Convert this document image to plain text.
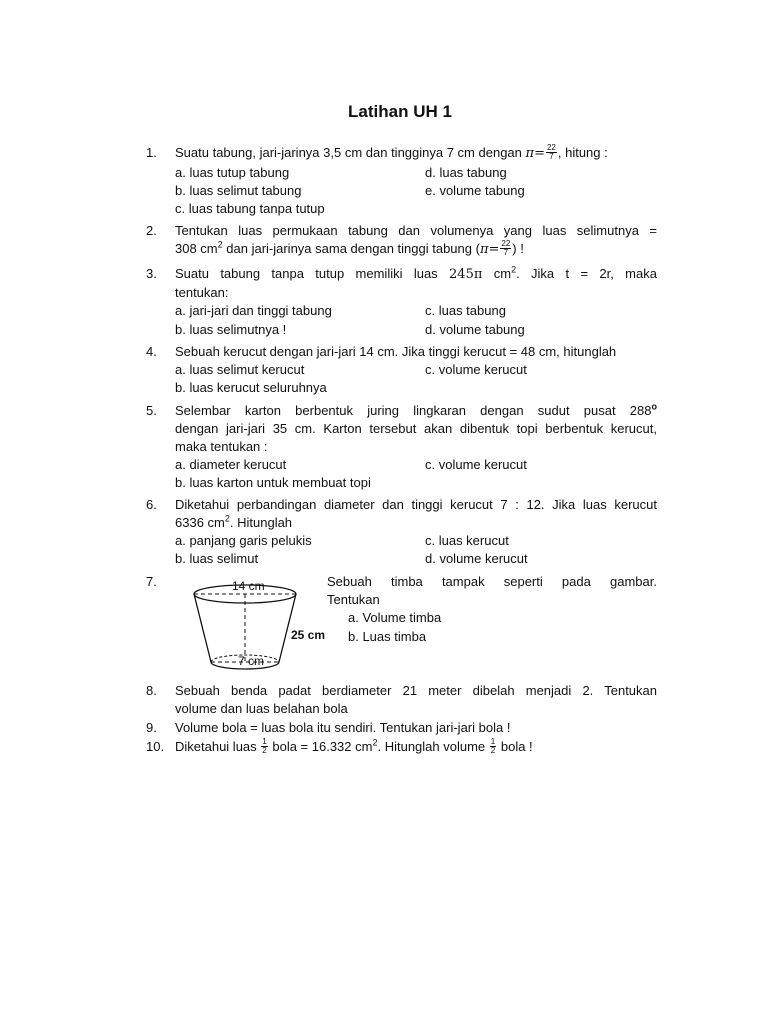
Latihan UH 1
1. Suatu tabung, jari-jarinya 3,5 cm dan tingginya 7 cm dengan $\pi= \frac{22}{7}$ , hitung :
a. luas tutup tabung	d. luas tabung
b. luas selimut tabung	e. volume tabung
c. luas tabung tanpa tutup
2. Tentukan luas permukaan tabung dan volumenya yang luas selimutnya =
308 $cm^2$ dan jari-jarinya sama dengan tinggi tabung ($\pi= \frac{22}{7}$ ) !
3. Suatu tabung tanpa tutup memiliki luas 245π $cm^2$. Jika t = 2r, maka
tentukan:
a. jari-jari dan tinggi tabung	c. luas tabung
b. luas selimutnya !	d. volume tabung
4. Sebuah kerucut dengan jari-jari 14 cm. Jika tinggi kerucut = 48 cm, hitunglah
a. luas selimut kerucut	c. volume kerucut
b. luas kerucut seluruhnya
5. Selembar karton berbentuk juring lingkaran dengan sudut pusat 288$^o$
dengan jari-jari 35 cm. Karton tersebut akan dibentuk topi berbentuk kerucut,
maka tentukan :
a. diameter kerucut	c. volume kerucut
b. luas karton untuk membuat topi
6. Diketahui perbandingan diameter dan tinggi kerucut 7 : 12. Jika luas kerucut
6336 $cm^2$. Hitunglah
a. panjang garis pelukis	c. luas kerucut
b. luas selimut	d. volume kerucut
7.	14 cm
25 cm
7 cm
Sebuah timba tampak seperti pada gambar.
Tentukan
a. Volume timba
b. Luas timba
8. Sebuah benda padat berdiameter 21 meter dibelah menjadi 2. Tentukan
volume dan luas belahan bola
9. Volume bola = luas bola itu sendiri. Tentukan jari-jari bola !
10. Diketahui luas $\frac{1}{2}$ bola = 16.332 $cm^2$. Hitunglah volume $\frac{1}{2}$ bola !
